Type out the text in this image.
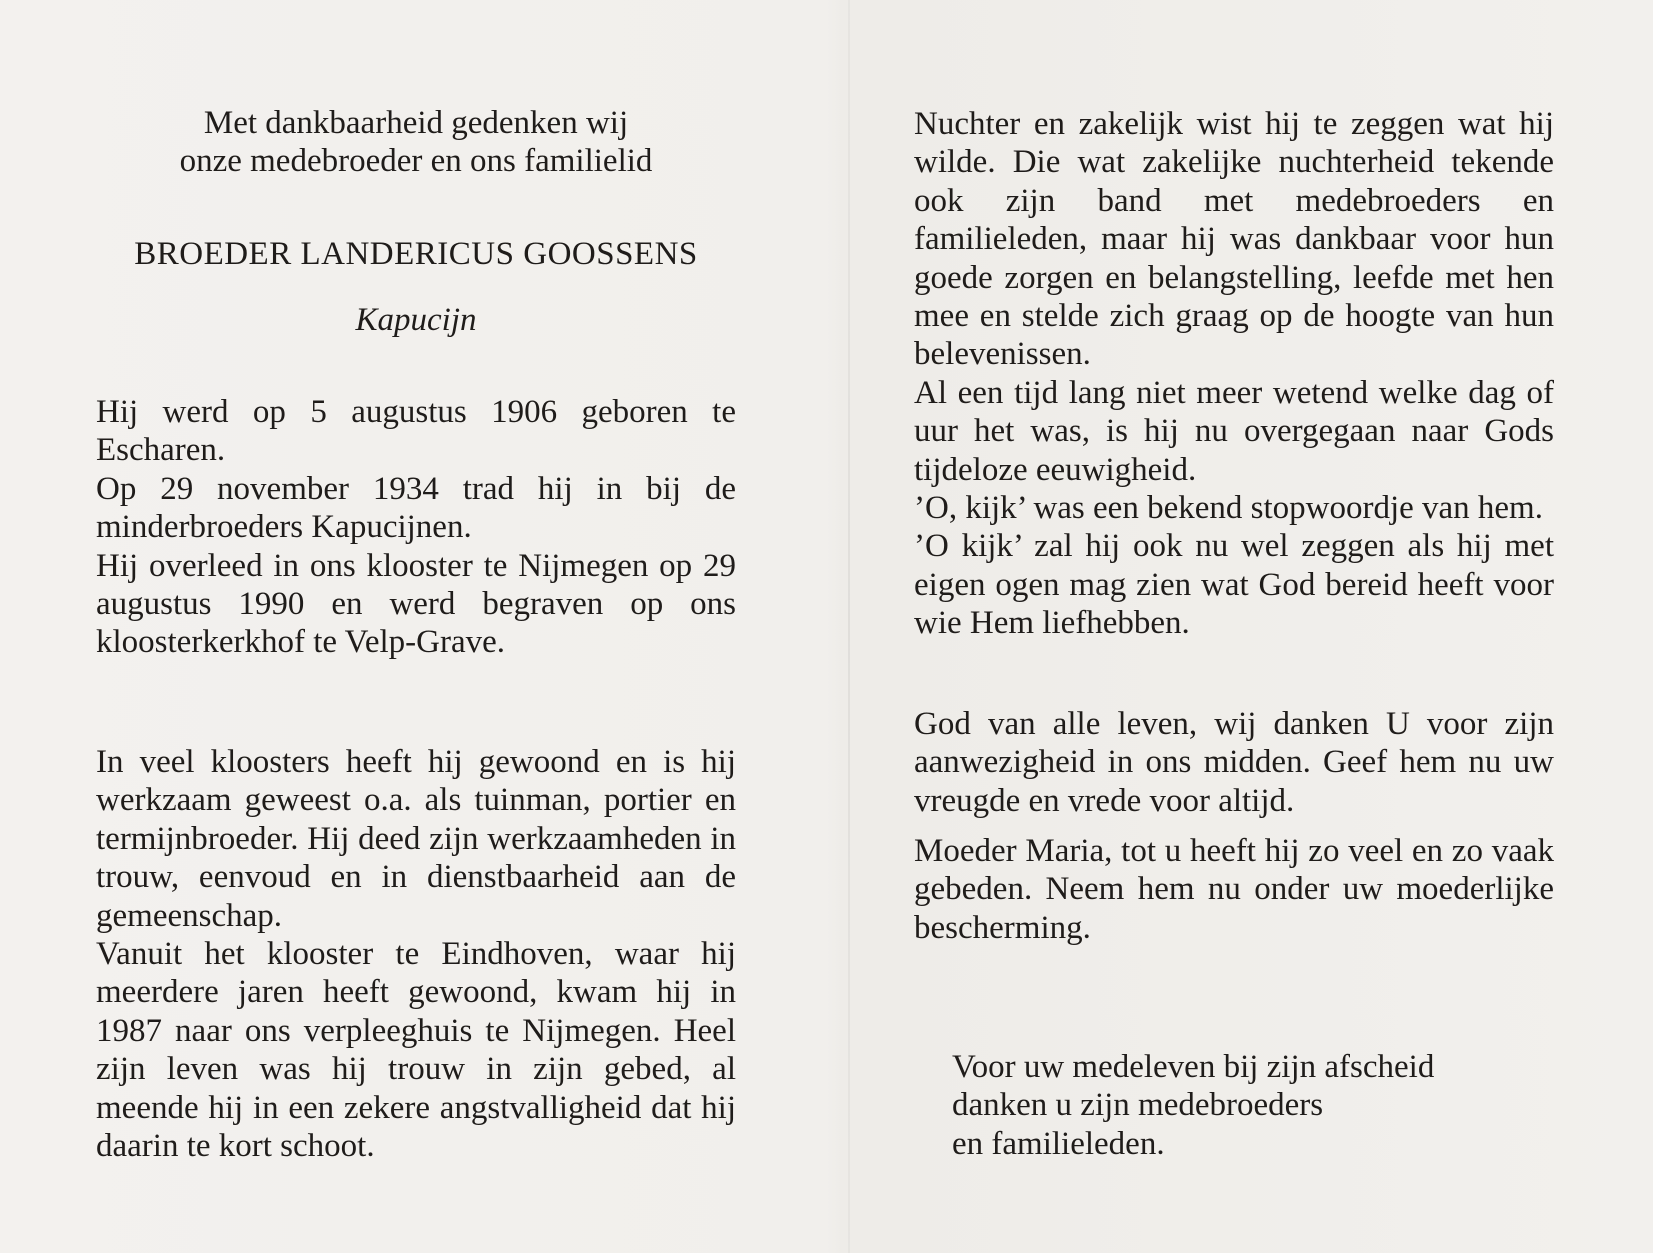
Met dankbaarheid gedenken wij
onze medebroeder en ons familielid
BROEDER LANDERICUS GOOSSENS
Kapucijn

Hij werd op 5 augustus 1906 geboren te Escharen.

Op 29 november 1934 trad hij in bij de minderbroeders Kapucijnen.

Hij overleed in ons klooster te Nijmegen op 29 augustus 1990 en werd begraven op ons kloosterkerkhof te Velp-Grave.

In veel kloosters heeft hij gewoond en is hij werkzaam geweest o.a. als tuinman, portier en termijnbroeder. Hij deed zijn werkzaamheden in trouw, eenvoud en in dienstbaarheid aan de gemeenschap.

Vanuit het klooster te Eindhoven, waar hij meerdere jaren heeft gewoond, kwam hij in 1987 naar ons verpleeghuis te Nijmegen. Heel zijn leven was hij trouw in zijn gebed, al meende hij in een zekere angstvalligheid dat hij daarin te kort schoot.

Nuchter en zakelijk wist hij te zeggen wat hij wilde. Die wat zakelijke nuchterheid tekende ook zijn band met medebroeders en familieleden, maar hij was dankbaar voor hun goede zorgen en belangstelling, leefde met hen mee en stelde zich graag op de hoogte van hun belevenissen.

Al een tijd lang niet meer wetend welke dag of uur het was, is hij nu overgegaan naar Gods tijdeloze eeuwigheid.

’O, kijk’ was een bekend stopwoordje van hem.

’O kijk’ zal hij ook nu wel zeggen als hij met eigen ogen mag zien wat God bereid heeft voor wie Hem liefhebben.

God van alle leven, wij danken U voor zijn aanwezigheid in ons midden. Geef hem nu uw vreugde en vrede voor altijd.

Moeder Maria, tot u heeft hij zo veel en zo vaak gebeden. Neem hem nu onder uw moederlijke bescherming.

Voor uw medeleven bij zijn afscheid
danken u zijn medebroeders
en familieleden.
